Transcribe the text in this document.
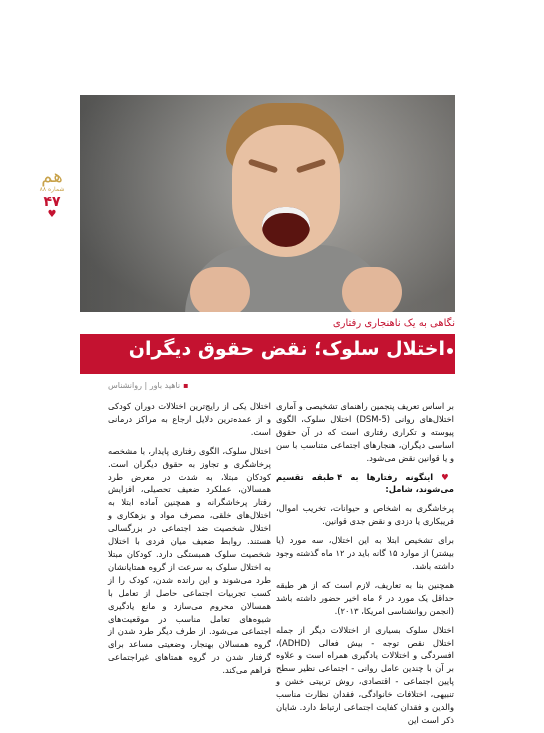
هم
شماره ۸۸
۴۷
♥
نگاهی به یک ناهنجاری رفتاری
اختلال سلوک؛ نقض حقوق دیگران
▪ناهید باور | روانشناس

بر اساس تعریف پنجمین راهنمای تشخیصی و آماری اختلال‌های روانی (DSM-5) اختلال سلوک، الگوی پیوسته و تکراری رفتاری است که در آن حقوق اساسی دیگران، هنجارهای اجتماعی متناسب با سن و یا قوانین نقض می‌شود.

♥ اینگونه رفتارها به ۴ طبقه تقسیم می‌شوند، شامل:

پرخاشگری به اشخاص و حیوانات، تخریب اموال، فریبکاری یا دزدی و نقض جدی قوانین.

برای تشخیص ابتلا به این اختلال، سه مورد (یا بیشتر) از موارد ۱۵ گانه باید در ۱۲ ماه گذشته وجود داشته باشد.

همچنین بنا به تعاریف، لازم است که از هر طبقه حداقل یک مورد در ۶ ماه اخیر حضور داشته باشد (انجمن روانشناسی امریکا، ۲۰۱۳).

اختلال سلوک بسیاری از اختلالات دیگر از جمله اختلال نقص توجه - بیش فعالی (ADHD)، افسردگی و اختلالات یادگیری همراه است و علاوه بر آن با چندین عامل روانی - اجتماعی نظیر سطح پایین اجتماعی - اقتصادی، روش تربیتی خشن و تنبیهی، اختلافات خانوادگی، فقدان نظارت مناسب والدین و فقدان کفایت اجتماعی ارتباط دارد. شایان ذکر است این

اختلال یکی از رایج‌ترین اختلالات دوران کودکی و از عمده‌ترین دلایل ارجاع به مراکز درمانی است.

اختلال سلوک، الگوی رفتاری پایدار، با مشخصه پرخاشگری و تجاوز به حقوق دیگران است. کودکان مبتلا، به شدت در معرض طرد همسالان، عملکرد ضعیف تحصیلی، افزایش رفتار پرخاشگرانه و همچنین آماده ابتلا به اختلال‌های خلقی، مصرف مواد و بزهکاری و اختلال شخصیت ضد اجتماعی در بزرگسالی هستند. روابط ضعیف میان فردی با اختلال شخصیت سلوک همبستگی دارد. کودکان مبتلا به اختلال سلوک به سرعت از گروه همتایانشان طرد می‌شوند و این رانده شدن، کودک را از کسب تجربیات اجتماعی حاصل از تعامل با همسالان محروم می‌سازد و مانع یادگیری شیوه‌های تعامل مناسب در موقعیت‌های اجتماعی می‌شود. از طرف دیگر طرد شدن از گروه همسالان بهنجار، وضعیتی مساعد برای گرفتار شدن در گروه همتاهای غیراجتماعی فراهم می‌کند.
